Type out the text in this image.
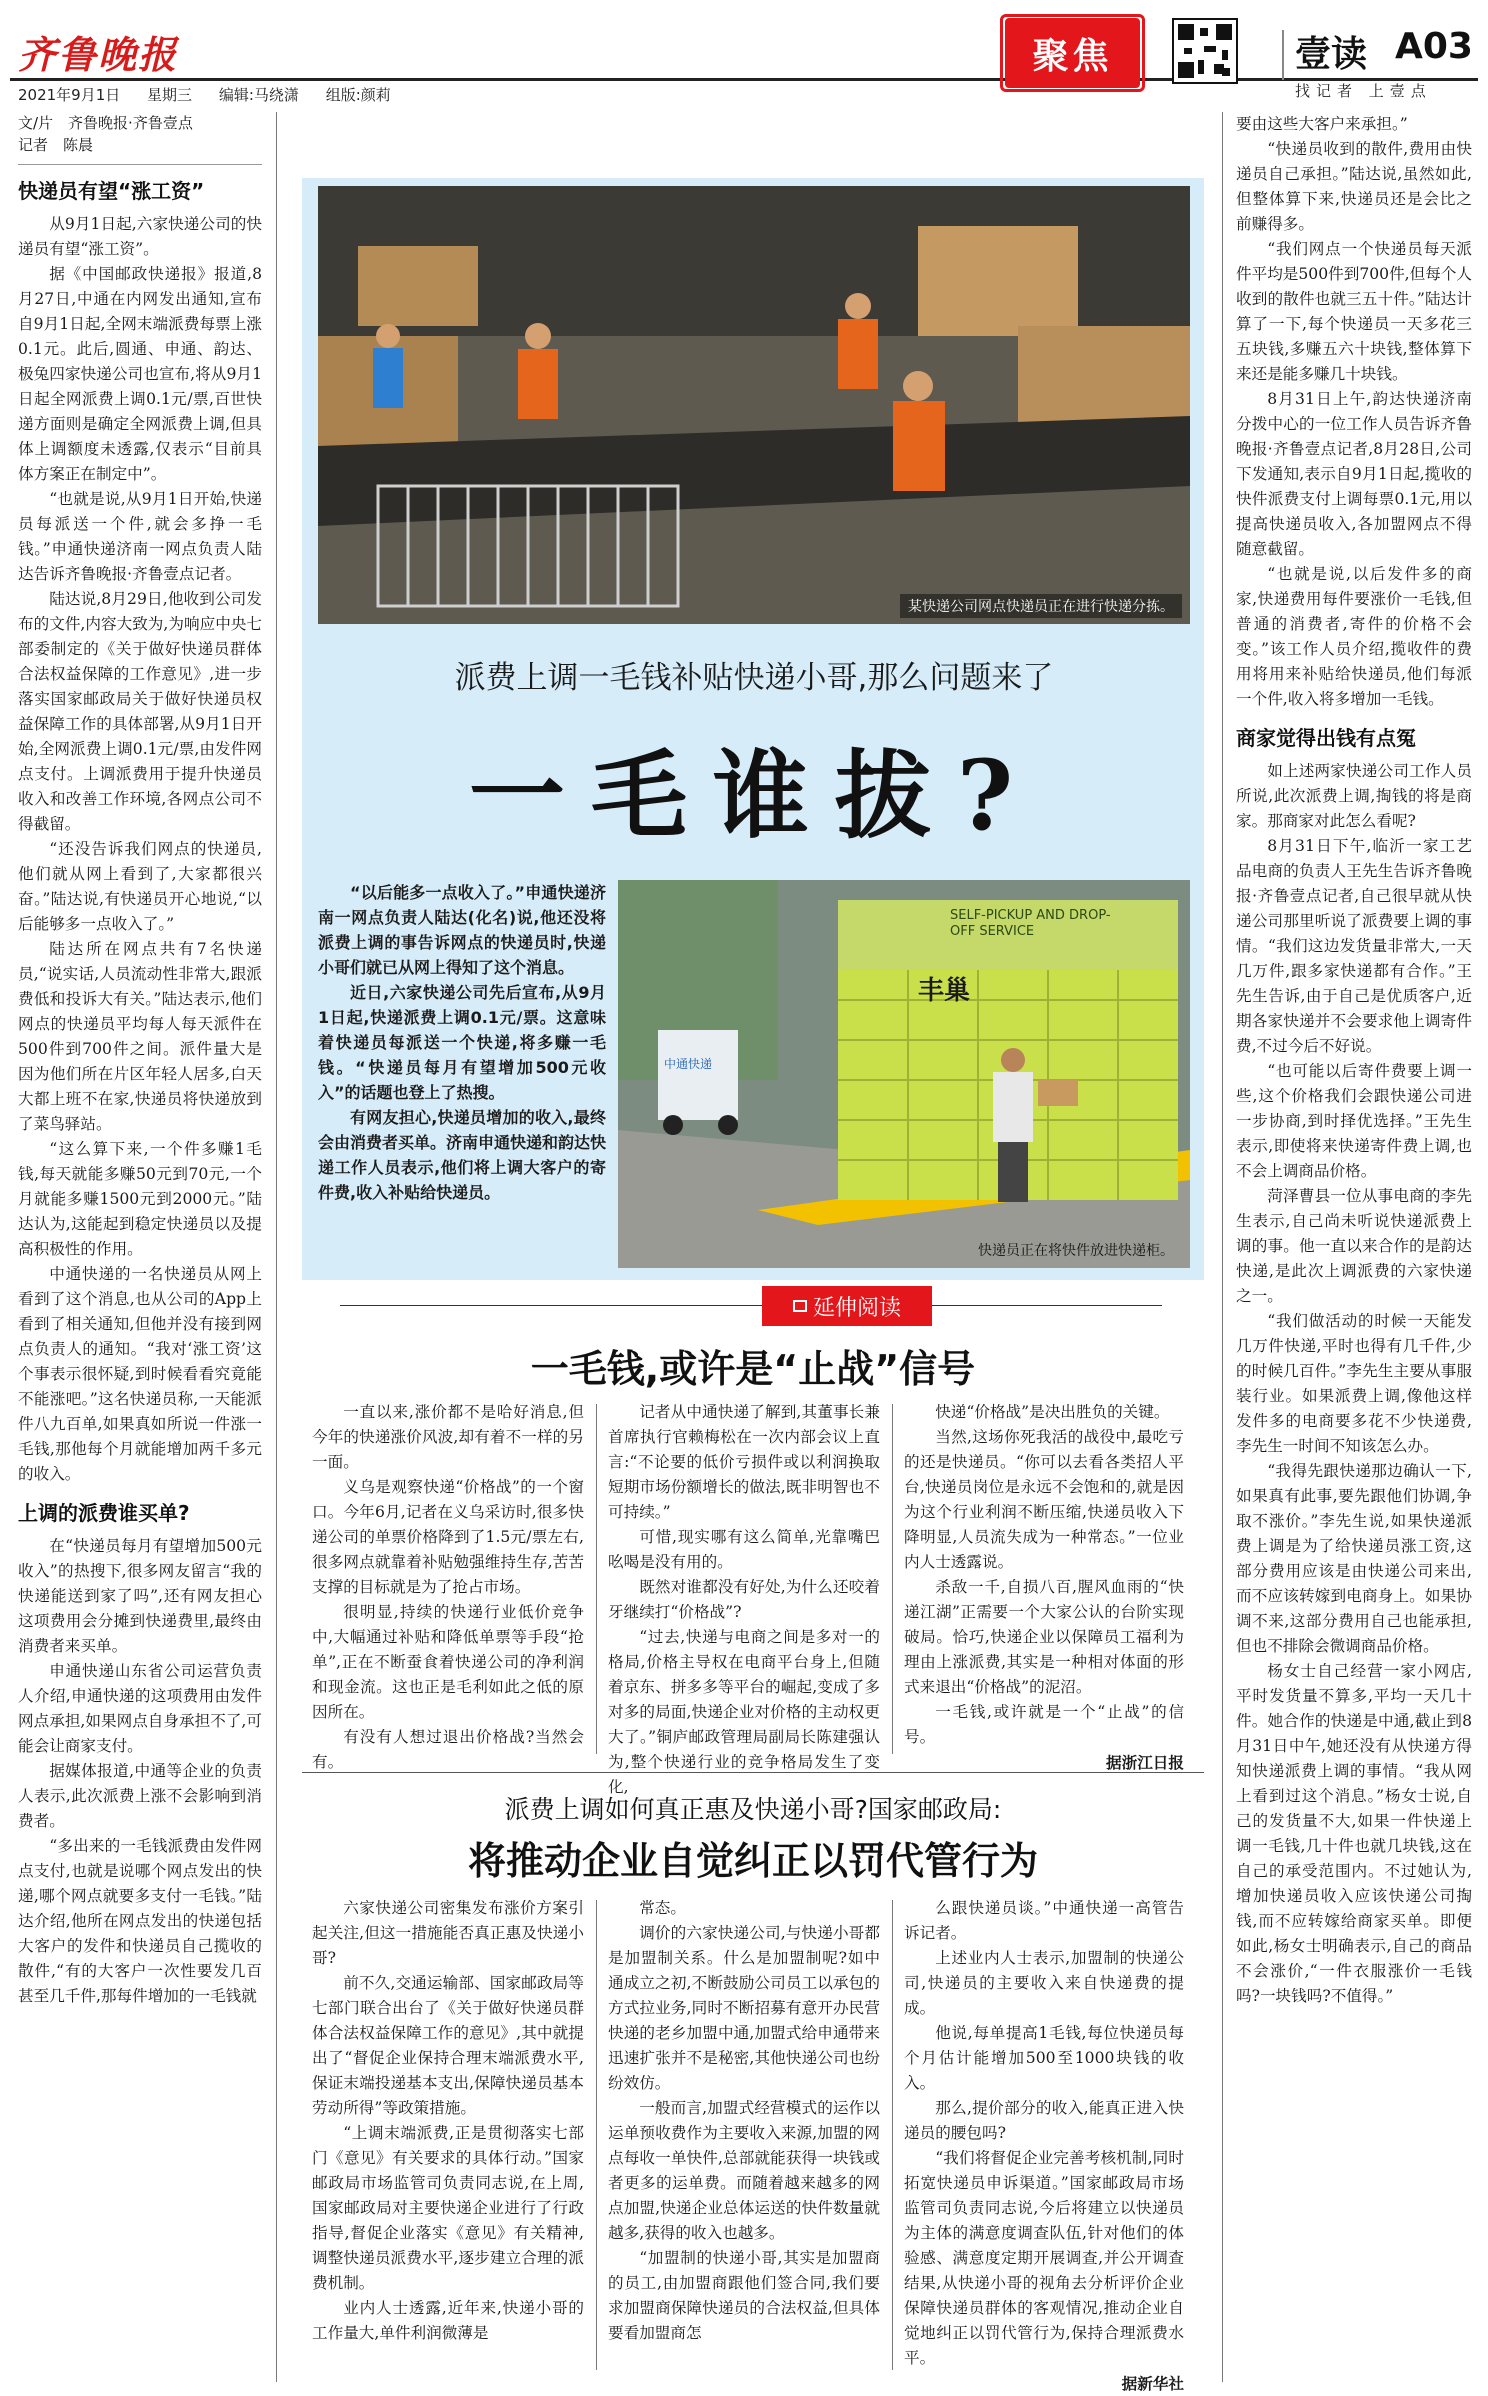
齐鲁晚报
2021年9月1日 星期三 编辑:马绕潇 组版:颜莉
聚焦	壹读 A03
找记者 上壹点
文/片　齐鲁晚报·齐鲁壹点
记者　陈晨
快递员有望“涨工资”

从9月1日起,六家快递公司的快递员有望“涨工资”。

据《中国邮政快递报》报道,8月27日,中通在内网发出通知,宣布自9月1日起,全网末端派费每票上涨0.1元。此后,圆通、申通、韵达、极兔四家快递公司也宣布,将从9月1日起全网派费上调0.1元/票,百世快递方面则是确定全网派费上调,但具体上调额度未透露,仅表示“目前具体方案正在制定中”。

“也就是说,从9月1日开始,快递员每派送一个件,就会多挣一毛钱。”申通快递济南一网点负责人陆达告诉齐鲁晚报·齐鲁壹点记者。

陆达说,8月29日,他收到公司发布的文件,内容大致为,为响应中央七部委制定的《关于做好快递员群体合法权益保障的工作意见》,进一步落实国家邮政局关于做好快递员权益保障工作的具体部署,从9月1日开始,全网派费上调0.1元/票,由发件网点支付。上调派费用于提升快递员收入和改善工作环境,各网点公司不得截留。

“还没告诉我们网点的快递员,他们就从网上看到了,大家都很兴奋。”陆达说,有快递员开心地说,“以后能够多一点收入了。”

陆达所在网点共有7名快递员,“说实话,人员流动性非常大,跟派费低和投诉大有关。”陆达表示,他们网点的快递员平均每人每天派件在500件到700件之间。派件量大是因为他们所在片区年轻人居多,白天大都上班不在家,快递员将快递放到了菜鸟驿站。

“这么算下来,一个件多赚1毛钱,每天就能多赚50元到70元,一个月就能多赚1500元到2000元。”陆达认为,这能起到稳定快递员以及提高积极性的作用。

中通快递的一名快递员从网上看到了这个消息,也从公司的App上看到了相关通知,但他并没有接到网点负责人的通知。“我对‘涨工资’这个事表示很怀疑,到时候看看究竟能不能涨吧。”这名快递员称,一天能派件八九百单,如果真如所说一件涨一毛钱,那他每个月就能增加两千多元的收入。

上调的派费谁买单?

在“快递员每月有望增加500元收入”的热搜下,很多网友留言“我的快递能送到家了吗”,还有网友担心这项费用会分摊到快递费里,最终由消费者来买单。

申通快递山东省公司运营负责人介绍,申通快递的这项费用由发件网点承担,如果网点自身承担不了,可能会让商家支付。

据媒体报道,中通等企业的负责人表示,此次派费上涨不会影响到消费者。

“多出来的一毛钱派费由发件网点支付,也就是说哪个网点发出的快递,哪个网点就要多支付一毛钱。”陆达介绍,他所在网点发出的快递包括大客户的发件和快递员自己揽收的散件,“有的大客户一次性要发几百甚至几千件,那每件增加的一毛钱就

某快递公司网点快递员正在进行快递分拣。
派费上调一毛钱补贴快递小哥,那么问题来了
一毛谁拔?

“以后能多一点收入了。”申通快递济南一网点负责人陆达(化名)说,他还没将派费上调的事告诉网点的快递员时,快递小哥们就已从网上得知了这个消息。

近日,六家快递公司先后宣布,从9月1日起,快递派费上调0.1元/票。这意味着快递员每派送一个快递,将多赚一毛钱。“快递员每月有望增加500元收入”的话题也登上了热搜。

有网友担心,快递员增加的收入,最终会由消费者买单。济南申通快递和韵达快递工作人员表示,他们将上调大客户的寄件费,收入补贴给快递员。

SELF-PICKUP AND DROP-OFF SERVICE
丰巢
中通快递
快递员正在将快件放进快递柜。
延伸阅读
一毛钱,或许是“止战”信号

一直以来,涨价都不是哈好消息,但今年的快递涨价风波,却有着不一样的另一面。

义乌是观察快递“价格战”的一个窗口。今年6月,记者在义乌采访时,很多快递公司的单票价格降到了1.5元/票左右,很多网点就靠着补贴勉强维持生存,苦苦支撑的目标就是为了抢占市场。

很明显,持续的快递行业低价竞争中,大幅通过补贴和降低单票等手段“抢单”,正在不断蚕食着快递公司的净利润和现金流。这也正是毛利如此之低的原因所在。

有没有人想过退出价格战?当然会有。

记者从中通快递了解到,其董事长兼首席执行官赖梅松在一次内部会议上直言:“不论要的低价亏损件或以利润换取短期市场份额增长的做法,既非明智也不可持续。”

可惜,现实哪有这么简单,光靠嘴巴吆喝是没有用的。

既然对谁都没有好处,为什么还咬着牙继续打“价格战”?

“过去,快递与电商之间是多对一的格局,价格主导权在电商平台身上,但随着京东、拼多多等平台的崛起,变成了多对多的局面,快递企业对价格的主动权更大了。”铜庐邮政管理局副局长陈建强认为,整个快递行业的竞争格局发生了变化,

快递“价格战”是决出胜负的关键。

当然,这场你死我活的战役中,最吃亏的还是快递员。“你可以去看各类招人平台,快递员岗位是永远不会饱和的,就是因为这个行业利润不断压缩,快递员收入下降明显,人员流失成为一种常态。”一位业内人士透露说。

杀敌一千,自损八百,腥风血雨的“快递江湖”正需要一个大家公认的台阶实现破局。恰巧,快递企业以保障员工福利为理由上涨派费,其实是一种相对体面的形式来退出“价格战”的泥沼。

一毛钱,或许就是一个“止战”的信号。

据浙江日报
派费上调如何真正惠及快递小哥?国家邮政局:
将推动企业自觉纠正以罚代管行为

六家快递公司密集发布涨价方案引起关注,但这一措施能否真正惠及快递小哥?

前不久,交通运输部、国家邮政局等七部门联合出台了《关于做好快递员群体合法权益保障工作的意见》,其中就提出了“督促企业保持合理末端派费水平,保证末端投递基本支出,保障快递员基本劳动所得”等政策措施。

“上调末端派费,正是贯彻落实七部门《意见》有关要求的具体行动。”国家邮政局市场监管司负责同志说,在上周,国家邮政局对主要快递企业进行了行政指导,督促企业落实《意见》有关精神,调整快递员派费水平,逐步建立合理的派费机制。

业内人士透露,近年来,快递小哥的工作量大,单件利润微薄是

常态。

调价的六家快递公司,与快递小哥都是加盟制关系。什么是加盟制呢?如中通成立之初,不断鼓励公司员工以承包的方式拉业务,同时不断招募有意开办民营快递的老乡加盟中通,加盟式给申通带来迅速扩张并不是秘密,其他快递公司也纷纷效仿。

一般而言,加盟式经营模式的运作以运单预收费作为主要收入来源,加盟的网点每收一单快件,总部就能获得一块钱或者更多的运单费。而随着越来越多的网点加盟,快递企业总体运送的快件数量就越多,获得的收入也越多。

“加盟制的快递小哥,其实是加盟商的员工,由加盟商跟他们签合同,我们要求加盟商保障快递员的合法权益,但具体要看加盟商怎

么跟快递员谈。”中通快递一高管告诉记者。

上述业内人士表示,加盟制的快递公司,快递员的主要收入来自快递费的提成。

他说,每单提高1毛钱,每位快递员每个月估计能增加500至1000块钱的收入。

那么,提价部分的收入,能真正进入快递员的腰包吗?

“我们将督促企业完善考核机制,同时拓宽快递员申诉渠道。”国家邮政局市场监管司负责同志说,今后将建立以快递员为主体的满意度调查队伍,针对他们的体验感、满意度定期开展调查,并公开调查结果,从快递小哥的视角去分析评价企业保障快递员群体的客观情况,推动企业自觉地纠正以罚代管行为,保持合理派费水平。

据新华社

要由这些大客户来承担。”

“快递员收到的散件,费用由快递员自己承担。”陆达说,虽然如此,但整体算下来,快递员还是会比之前赚得多。

“我们网点一个快递员每天派件平均是500件到700件,但每个人收到的散件也就三五十件。”陆达计算了一下,每个快递员一天多花三五块钱,多赚五六十块钱,整体算下来还是能多赚几十块钱。

8月31日上午,韵达快递济南分拨中心的一位工作人员告诉齐鲁晚报·齐鲁壹点记者,8月28日,公司下发通知,表示自9月1日起,揽收的快件派费支付上调每票0.1元,用以提高快递员收入,各加盟网点不得随意截留。

“也就是说,以后发件多的商家,快递费用每件要涨价一毛钱,但普通的消费者,寄件的价格不会变。”该工作人员介绍,揽收件的费用将用来补贴给快递员,他们每派一个件,收入将多增加一毛钱。

商家觉得出钱有点冤

如上述两家快递公司工作人员所说,此次派费上调,掏钱的将是商家。那商家对此怎么看呢?

8月31日下午,临沂一家工艺品电商的负责人王先生告诉齐鲁晚报·齐鲁壹点记者,自己很早就从快递公司那里听说了派费要上调的事情。“我们这边发货量非常大,一天几万件,跟多家快递都有合作。”王先生告诉,由于自己是优质客户,近期各家快递并不会要求他上调寄件费,不过今后不好说。

“也可能以后寄件费要上调一些,这个价格我们会跟快递公司进一步协商,到时择优选择。”王先生表示,即使将来快递寄件费上调,也不会上调商品价格。

菏泽曹县一位从事电商的李先生表示,自己尚未听说快递派费上调的事。他一直以来合作的是韵达快递,是此次上调派费的六家快递之一。

“我们做活动的时候一天能发几万件快递,平时也得有几千件,少的时候几百件。”李先生主要从事服装行业。如果派费上调,像他这样发件多的电商要多花不少快递费,李先生一时间不知该怎么办。

“我得先跟快递那边确认一下,如果真有此事,要先跟他们协调,争取不涨价。”李先生说,如果快递派费上调是为了给快递员涨工资,这部分费用应该是由快递公司来出,而不应该转嫁到电商身上。如果协调不来,这部分费用自己也能承担,但也不排除会微调商品价格。

杨女士自己经营一家小网店,平时发货量不算多,平均一天几十件。她合作的快递是中通,截止到8月31日中午,她还没有从快递方得知快递派费上调的事情。“我从网上看到过这个消息。”杨女士说,自己的发货量不大,如果一件快递上调一毛钱,几十件也就几块钱,这在自己的承受范围内。不过她认为,增加快递员收入应该快递公司掏钱,而不应转嫁给商家买单。即便如此,杨女士明确表示,自己的商品不会涨价,“一件衣服涨价一毛钱吗?一块钱吗?不值得。”
